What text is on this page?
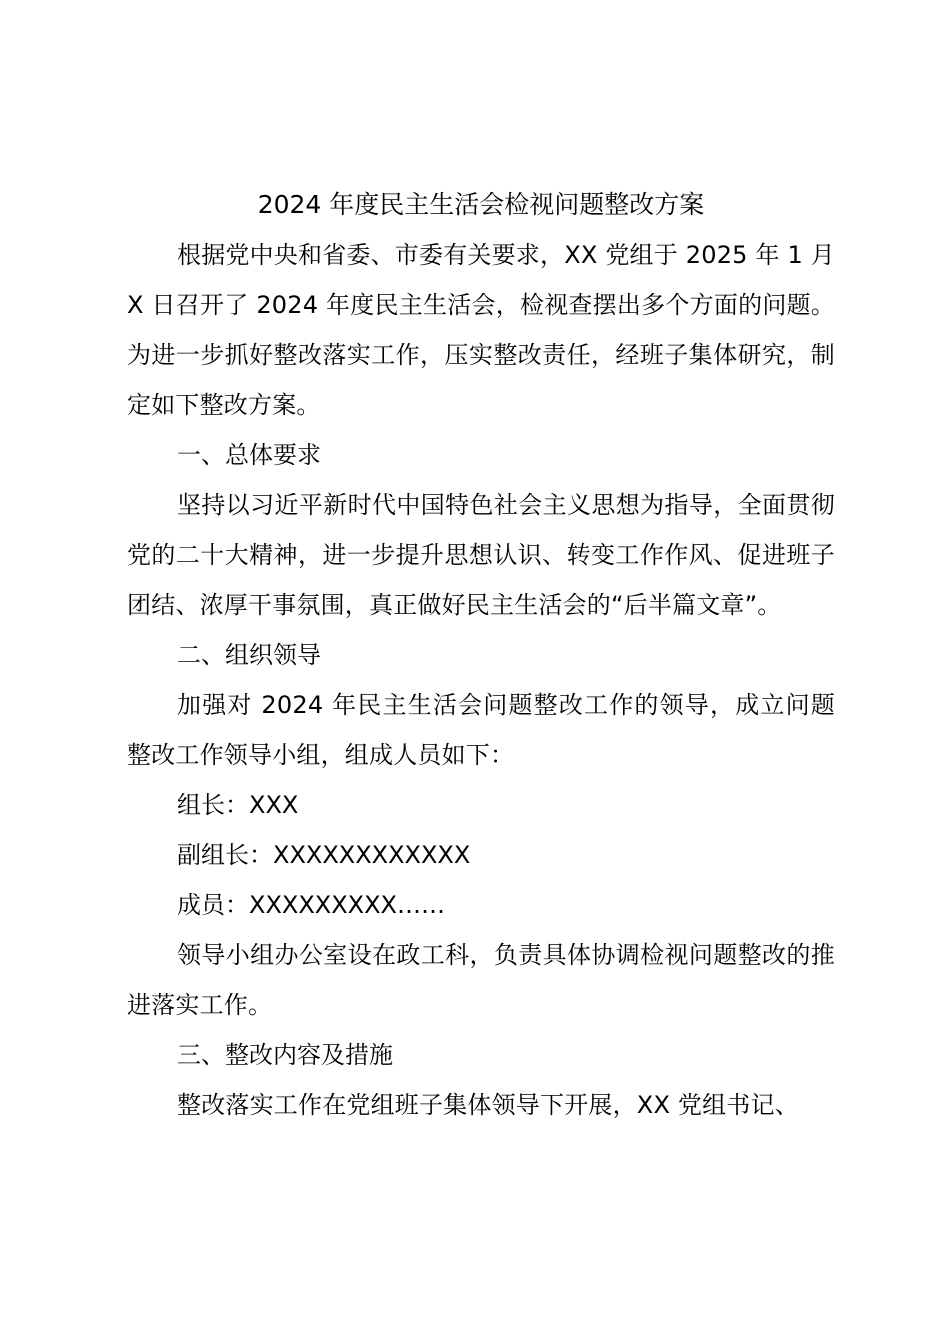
2024 年度民主生活会检视问题整改方案

根据党中央和省委、市委有关要求，XX 党组于 2025 年 1 月 X 日召开了 2024 年度民主生活会，检视查摆出多个方面的问题。为进一步抓好整改落实工作，压实整改责任，经班子集体研究，制定如下整改方案。

一、总体要求

坚持以习近平新时代中国特色社会主义思想为指导，全面贯彻党的二十大精神，进一步提升思想认识、转变工作作风、促进班子团结、浓厚干事氛围，真正做好民主生活会的“后半篇文章”。

二、组织领导

加强对 2024 年民主生活会问题整改工作的领导，成立问题整改工作领导小组，组成人员如下：

组长：XXX

副组长：XXXXXXXXXXXX

成员：XXXXXXXXX……

领导小组办公室设在政工科，负责具体协调检视问题整改的推进落实工作。

三、整改内容及措施

整改落实工作在党组班子集体领导下开展，XX 党组书记、
